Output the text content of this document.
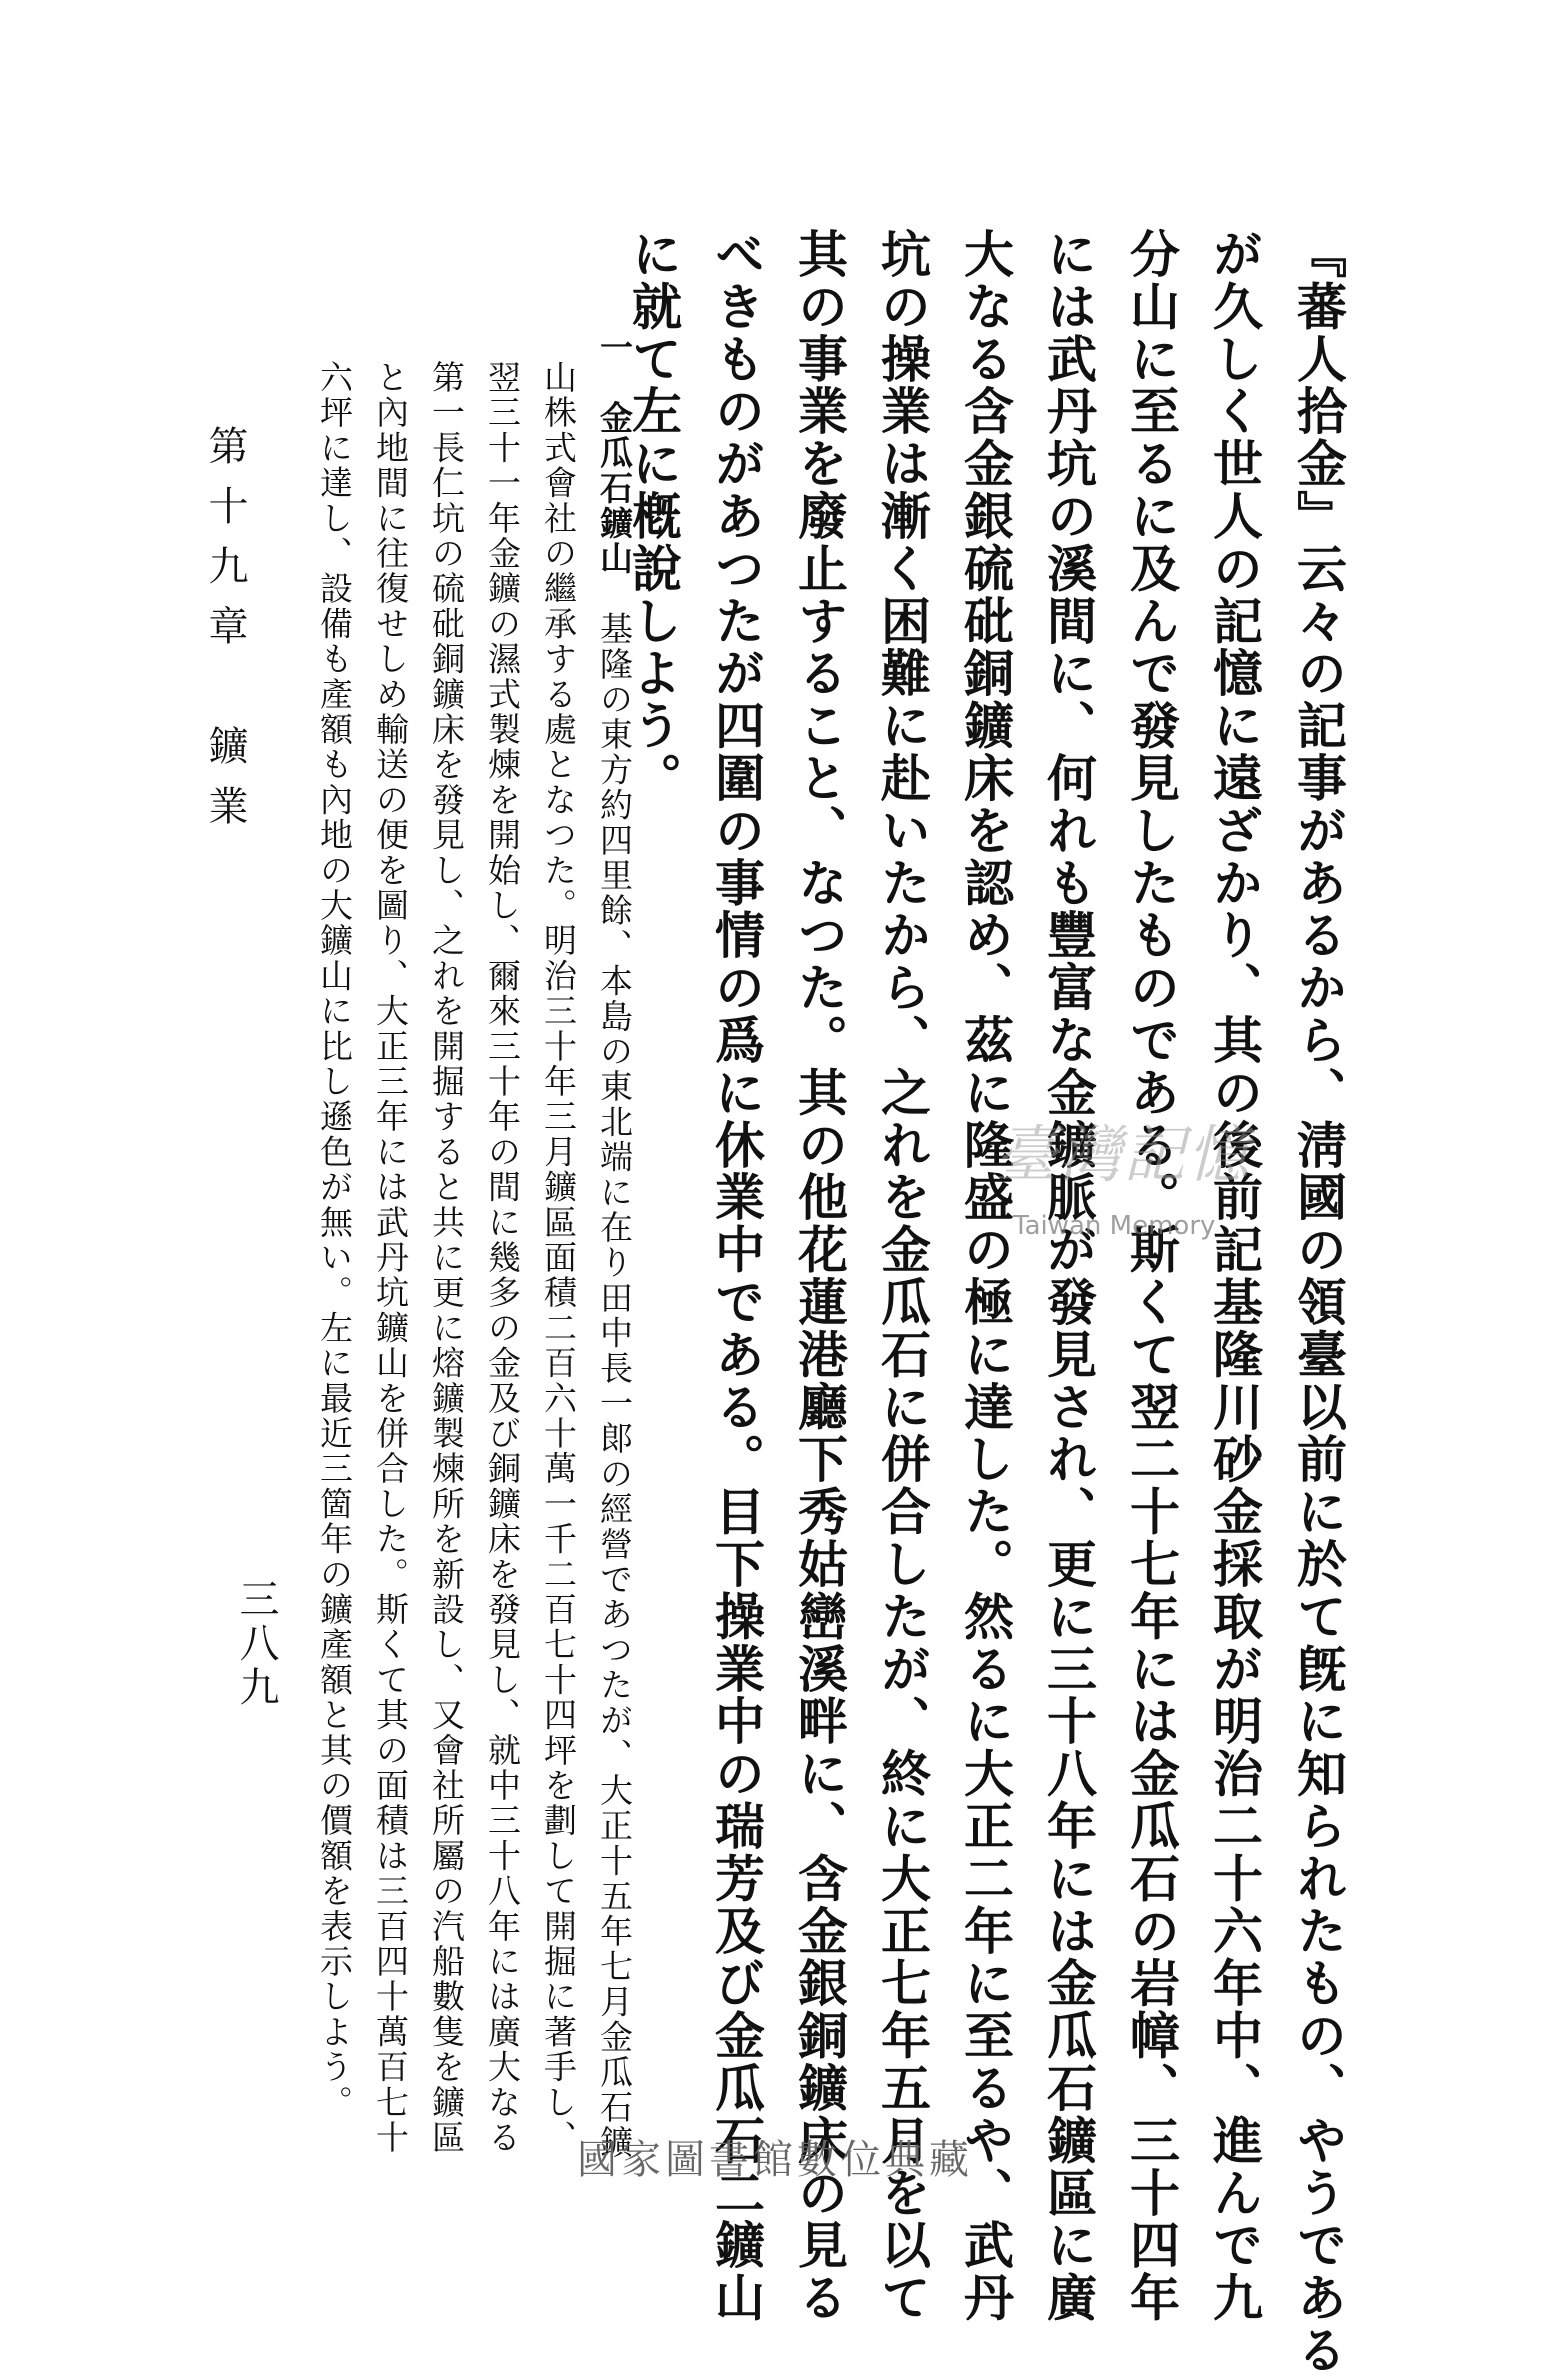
『蕃人拾金』云々の記事があるから、淸國の領臺以前に於て旣に知られたもの、やうである
が久しく世人の記憶に遠ざかり、其の後前記基隆川砂金採取が明治二十六年中、進んで九
分山に至るに及んで發見したものである。斯くて翌二十七年には金瓜石の岩幛、三十四年
には武丹坑の溪間に、何れも豐富な金鑛脈が發見され、更に三十八年には金瓜石鑛區に廣
大なる含金銀硫砒銅鑛床を認め、茲に隆盛の極に達した。然るに大正二年に至るや、武丹
坑の操業は漸く困難に赴いたから、之れを金瓜石に併合したが、終に大正七年五月を以て
其の事業を廢止すること、なつた。其の他花蓮港廳下秀姑巒溪畔に、含金銀銅鑛床の見る
べきものがあつたが四圍の事情の爲に休業中である。目下操業中の瑞芳及び金瓜石二鑛山
に就て左に槪說しよう。
一　金瓜石鑛山　基隆の東方約四里餘、本島の東北端に在り田中長一郞の經營であつたが、大正十五年七月金瓜石鑛
山株式會社の繼承する處となつた。明治三十年三月鑛區面積二百六十萬一千二百七十四坪を劃して開掘に著手し、
翌三十一年金鑛の濕式製煉を開始し、爾來三十年の間に幾多の金及び銅鑛床を發見し、就中三十八年には廣大なる
第一長仁坑の硫砒銅鑛床を發見し、之れを開掘すると共に更に熔鑛製煉所を新設し、又會社所屬の汽船數隻を鑛區
と內地間に往復せしめ輸送の便を圖り、大正三年には武丹坑鑛山を併合した。斯くて其の面積は三百四十萬百七十
六坪に達し、設備も產額も內地の大鑛山に比し遜色が無い。左に最近三箇年の鑛產額と其の價額を表示しよう。
第十九章　鑛業
三八九
臺灣記憶
Taiwan Memory
國家圖書館數位典藏
